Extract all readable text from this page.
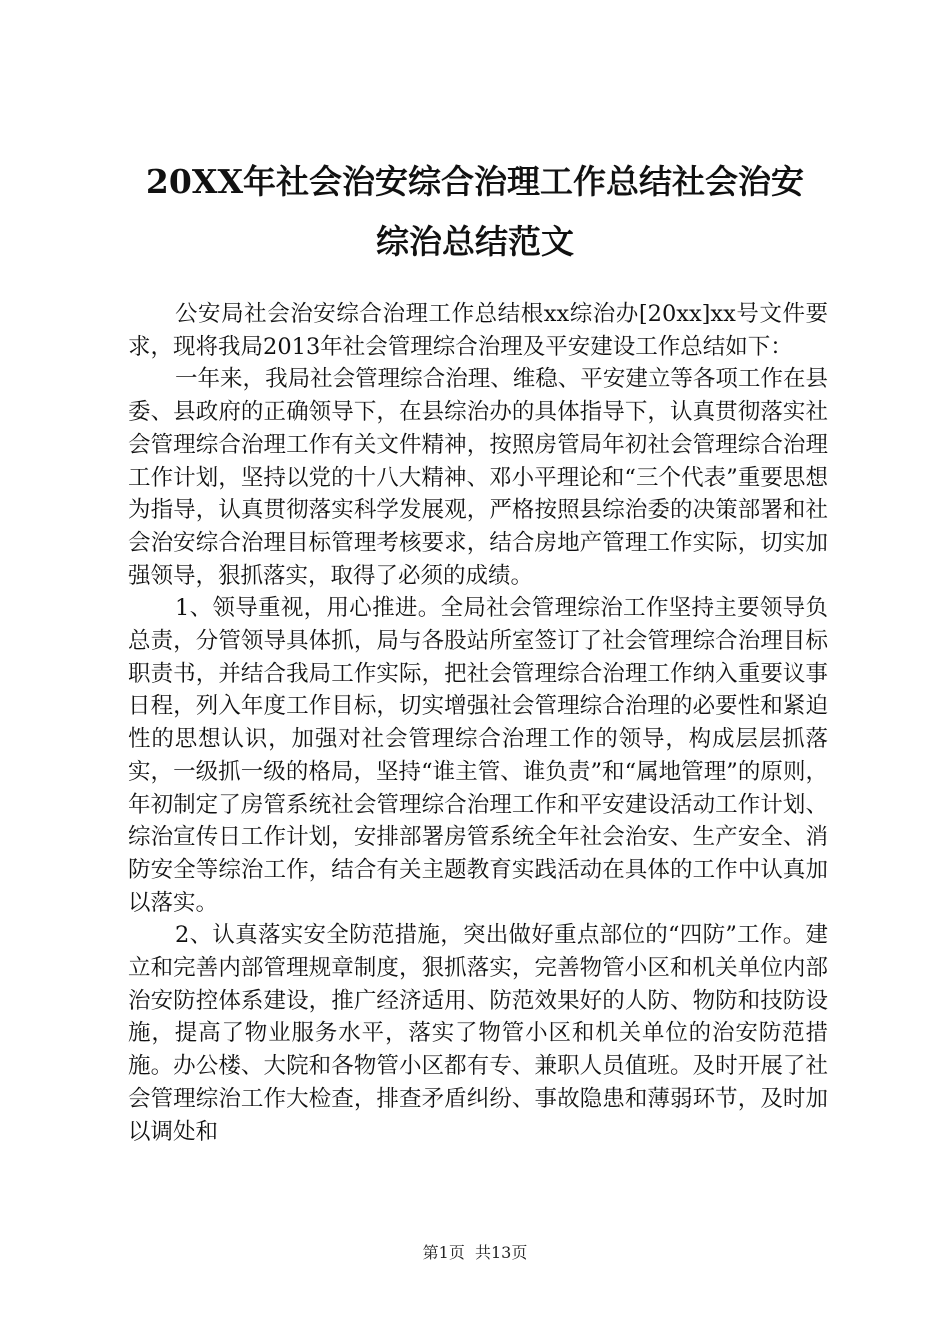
20XX年社会治安综合治理工作总结社会治安
综治总结范文

公安局社会治安综合治理工作总结根xx综治办[20xx]xx号文件要求，现将我局2013年社会管理综合治理及平安建设工作总结如下：

一年来，我局社会管理综合治理、维稳、平安建立等各项工作在县委、县政府的正确领导下，在县综治办的具体指导下，认真贯彻落实社会管理综合治理工作有关文件精神，按照房管局年初社会管理综合治理工作计划，坚持以党的十八大精神、邓小平理论和“三个代表”重要思想为指导，认真贯彻落实科学发展观，严格按照县综治委的决策部署和社会治安综合治理目标管理考核要求，结合房地产管理工作实际，切实加强领导，狠抓落实，取得了必须的成绩。

1、领导重视，用心推进。全局社会管理综治工作坚持主要领导负总责，分管领导具体抓，局与各股站所室签订了社会管理综合治理目标职责书，并结合我局工作实际，把社会管理综合治理工作纳入重要议事日程，列入年度工作目标，切实增强社会管理综合治理的必要性和紧迫性的思想认识，加强对社会管理综合治理工作的领导，构成层层抓落实，一级抓一级的格局，坚持“谁主管、谁负责”和“属地管理”的原则，年初制定了房管系统社会管理综合治理工作和平安建设活动工作计划、综治宣传日工作计划，安排部署房管系统全年社会治安、生产安全、消防安全等综治工作，结合有关主题教育实践活动在具体的工作中认真加以落实。

2、认真落实安全防范措施，突出做好重点部位的“四防”工作。建立和完善内部管理规章制度，狠抓落实，完善物管小区和机关单位内部治安防控体系建设，推广经济适用、防范效果好的人防、物防和技防设施，提高了物业服务水平，落实了物管小区和机关单位的治安防范措施。办公楼、大院和各物管小区都有专、兼职人员值班。及时开展了社会管理综治工作大检查，排查矛盾纠纷、事故隐患和薄弱环节，及时加以调处和

第1页  共13页
